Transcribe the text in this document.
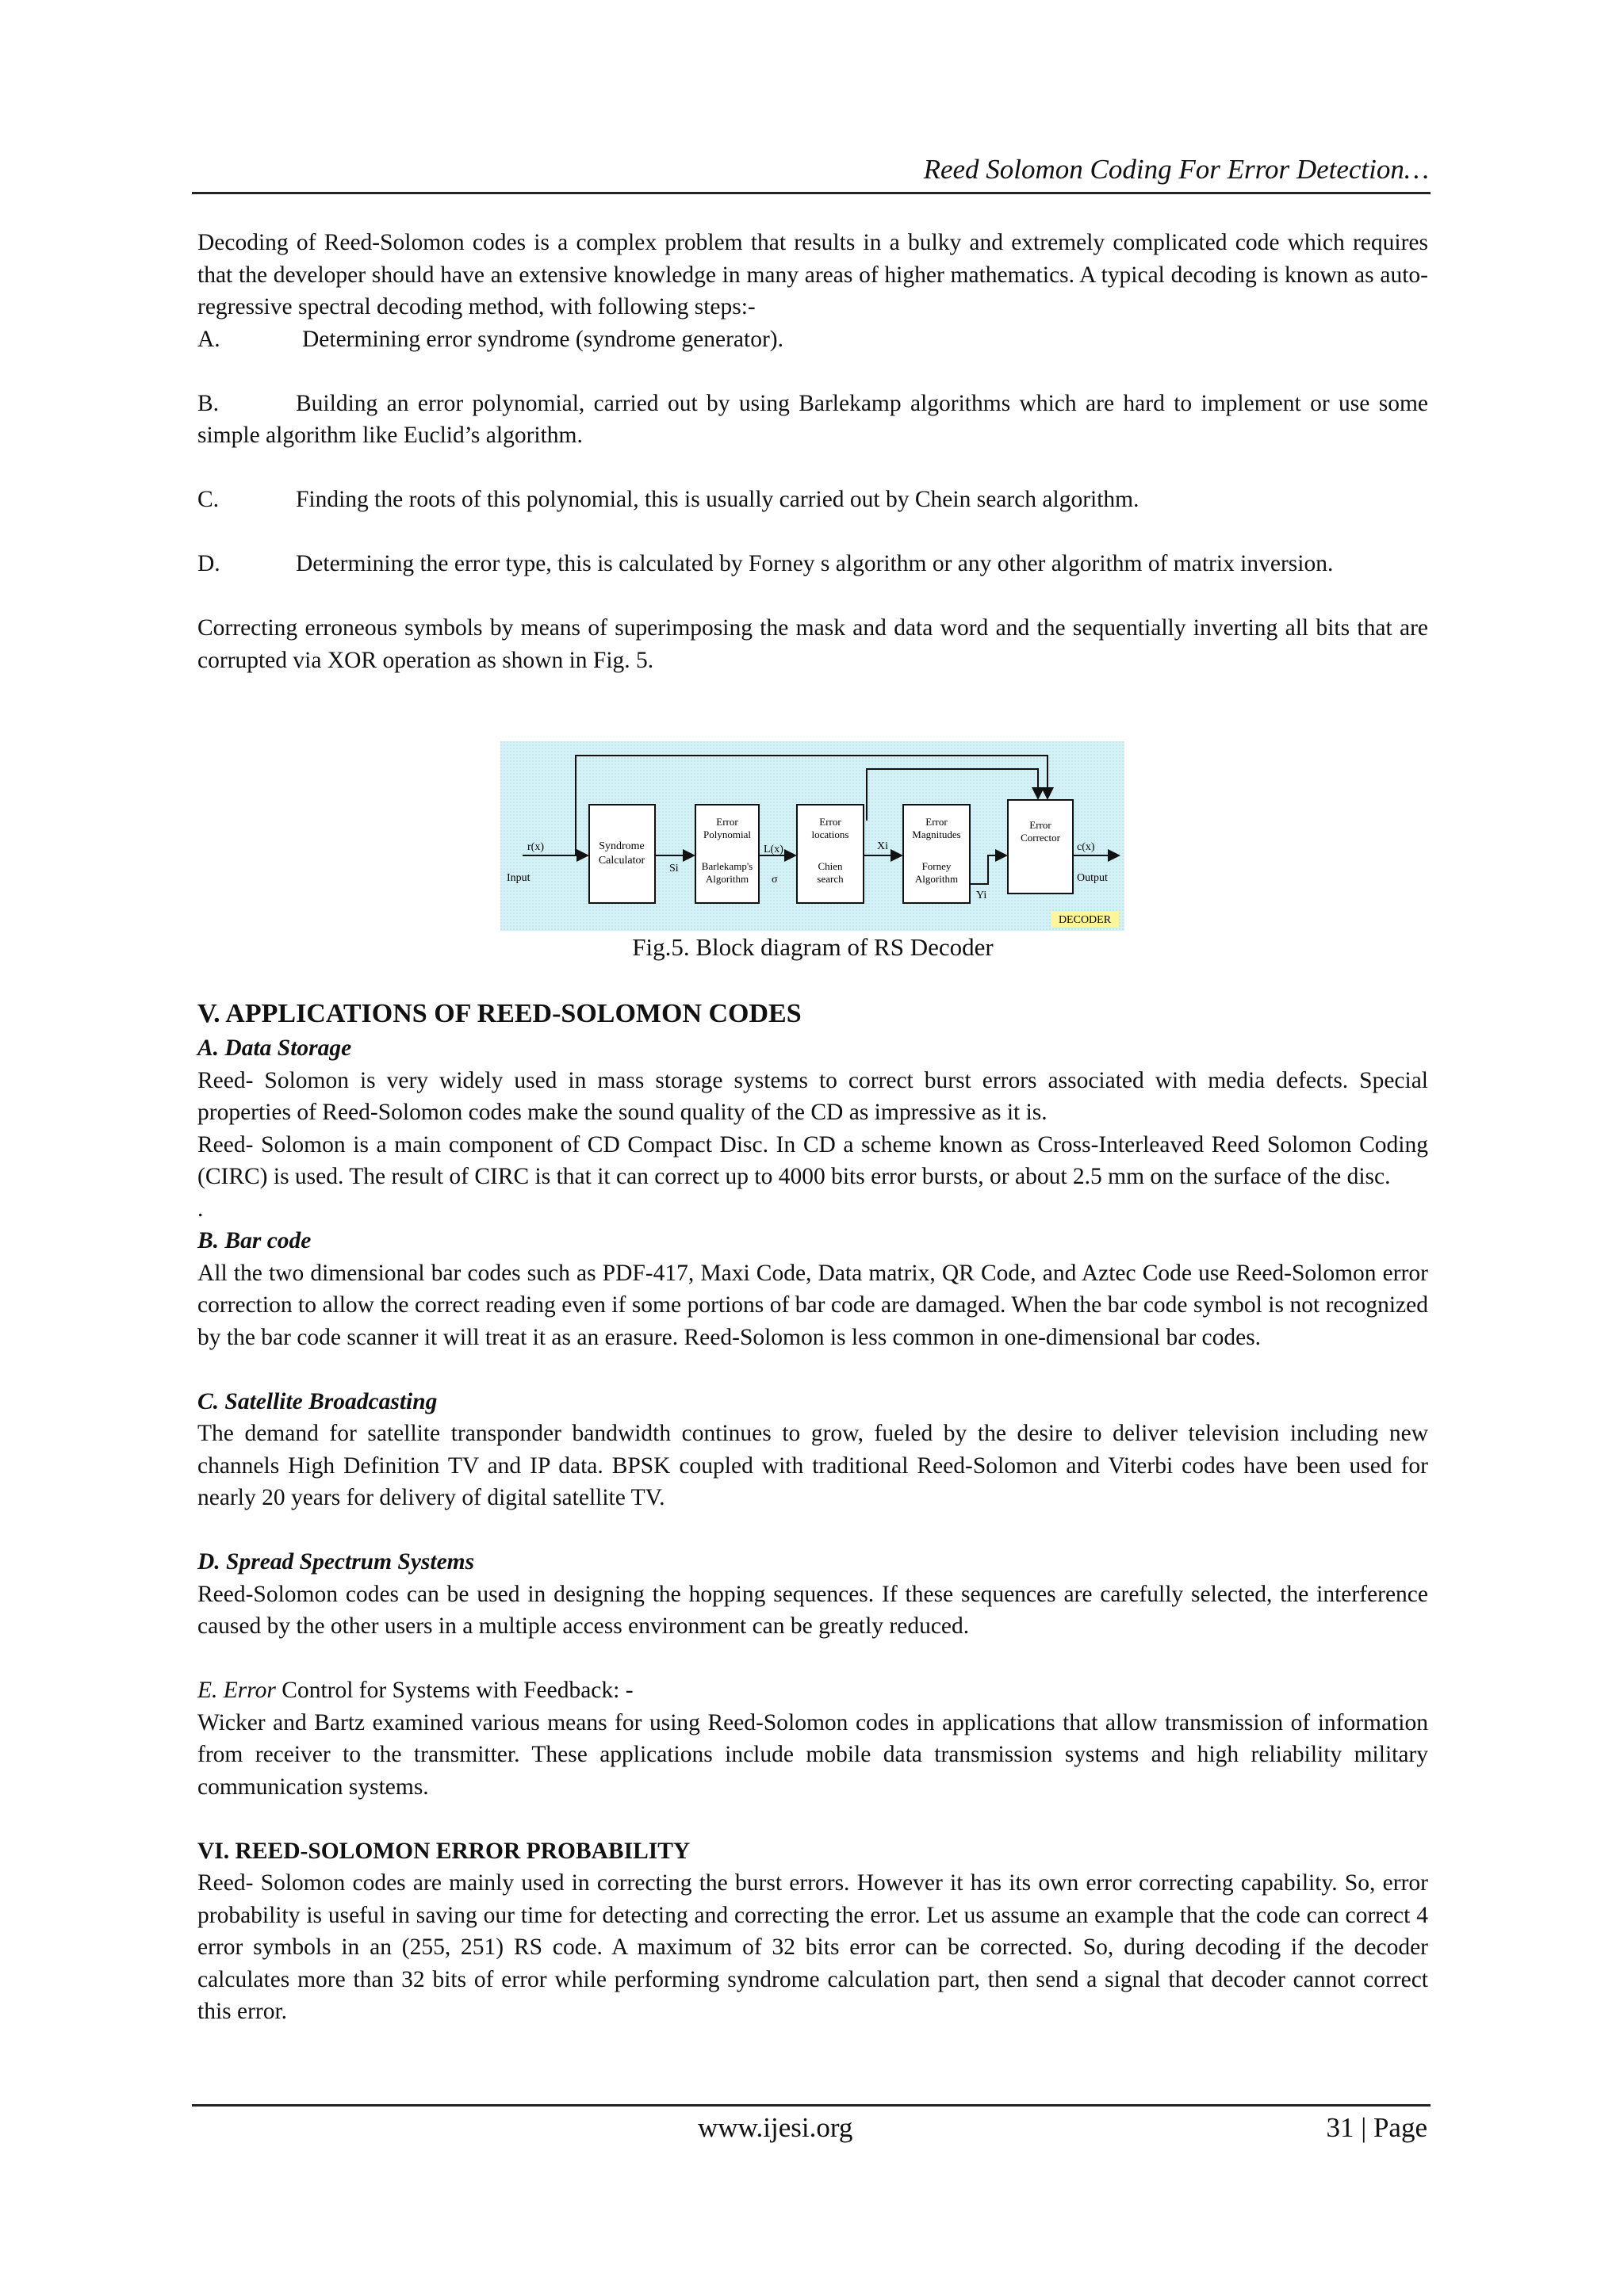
Reed Solomon Coding For Error Detection…

Decoding of Reed-Solomon codes is a complex problem that results in a bulky and extremely complicated code which requires that the developer should have an extensive knowledge in many areas of higher mathematics. A typical decoding is known as auto-regressive spectral decoding method, with following steps:-

A.	Determining error syndrome (syndrome generator).

B.	Building an error polynomial, carried out by using Barlekamp algorithms which are hard to implement or use some simple algorithm like Euclid’s algorithm.

C.	Finding the roots of this polynomial, this is usually carried out by Chein search algorithm.

D.	Determining the error type, this is calculated by Forney s algorithm or any other algorithm of matrix inversion.

Correcting erroneous symbols by means of superimposing the mask and data word and the sequentially inverting all bits that are corrupted via XOR operation as shown in Fig. 5.

r(x)
Input
Syndrome
Calculator
Si
Error
Polynomial
Barlekamp's
Algorithm
L(x)
σ
Error
locations
Chien
search
Xi
Error
Magnitudes
Forney
Algorithm
Yi
Error
Corrector
c(x)
Output
DECODER
Fig.5. Block diagram of RS Decoder

V. APPLICATIONS OF REED-SOLOMON CODES

A. Data Storage

Reed- Solomon is very widely used in mass storage systems to correct burst errors associated with media defects. Special properties of Reed-Solomon codes make the sound quality of the CD as impressive as it is.

Reed- Solomon is a main component of CD Compact Disc. In CD a scheme known as Cross-Interleaved Reed Solomon Coding (CIRC) is used. The result of CIRC is that it can correct up to 4000 bits error bursts, or about 2.5 mm on the surface of the disc.

.

B. Bar code

All the two dimensional bar codes such as PDF-417, Maxi Code, Data matrix, QR Code, and Aztec Code use Reed-Solomon error correction to allow the correct reading even if some portions of bar code are damaged. When the bar code symbol is not recognized by the bar code scanner it will treat it as an erasure. Reed-Solomon is less common in one-dimensional bar codes.

C. Satellite Broadcasting

The demand for satellite transponder bandwidth continues to grow, fueled by the desire to deliver television including new channels High Definition TV and IP data. BPSK coupled with traditional Reed-Solomon and Viterbi codes have been used for nearly 20 years for delivery of digital satellite TV.

D. Spread Spectrum Systems

Reed-Solomon codes can be used in designing the hopping sequences. If these sequences are carefully selected, the interference caused by the other users in a multiple access environment can be greatly reduced.

E. Error Control for Systems with Feedback: -

Wicker and Bartz examined various means for using Reed-Solomon codes in applications that allow transmission of information from receiver to the transmitter. These applications include mobile data transmission systems and high reliability military communication systems.

VI. REED-SOLOMON ERROR PROBABILITY

Reed- Solomon codes are mainly used in correcting the burst errors. However it has its own error correcting capability. So, error probability is useful in saving our time for detecting and correcting the error. Let us assume an example that the code can correct 4 error symbols in an (255, 251) RS code. A maximum of 32 bits error can be corrected. So, during decoding if the decoder calculates more than 32 bits of error while performing syndrome calculation part, then send a signal that decoder cannot correct this error.

www.ijesi.org	31 | Page
